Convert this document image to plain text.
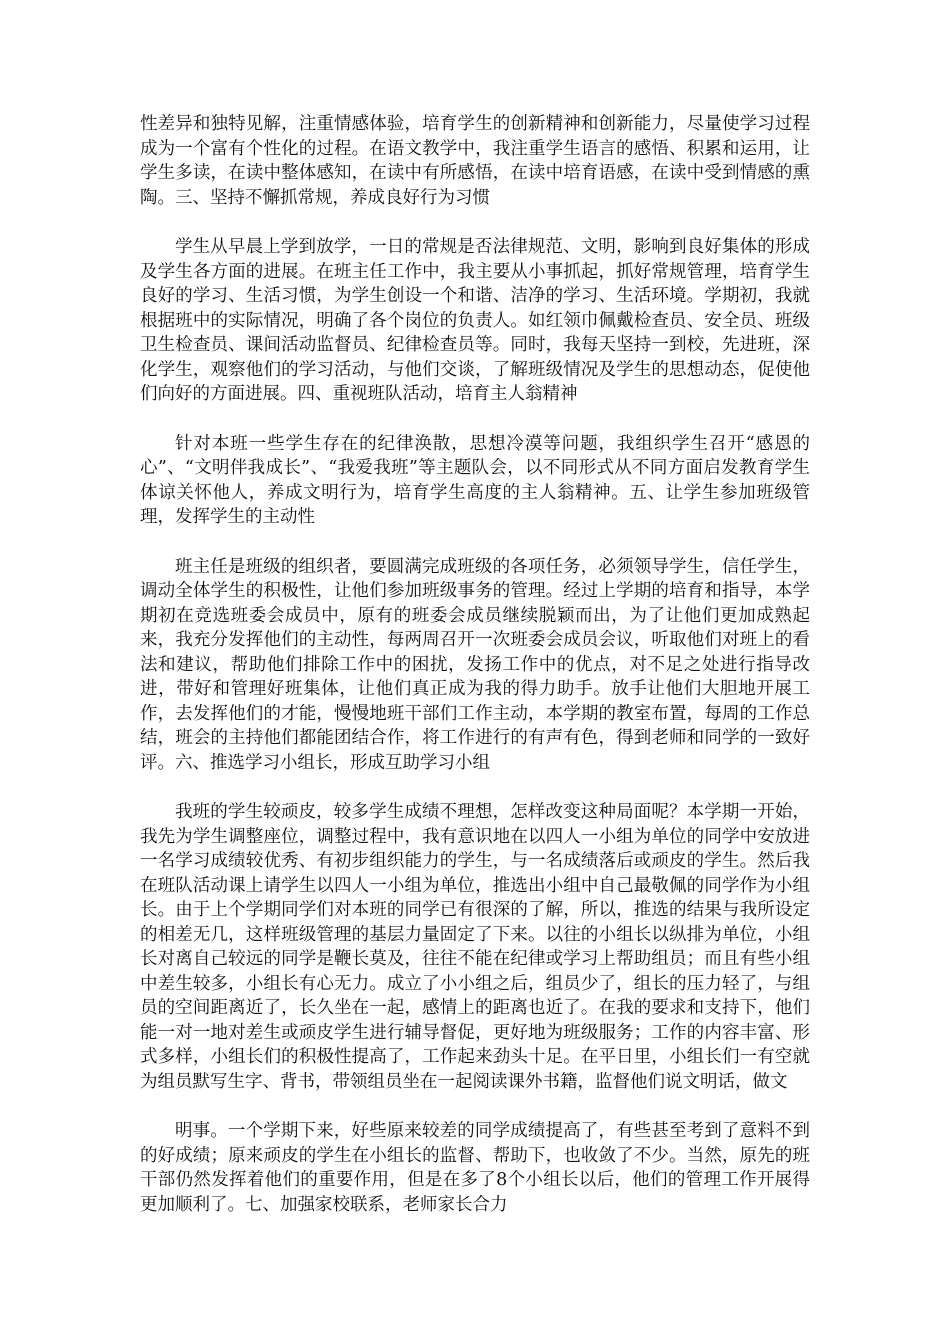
性差异和独特见解，注重情感体验，培育学生的创新精神和创新能力，尽量使学习过程成为一个富有个性化的过程。在语文教学中，我注重学生语言的感悟、积累和运用，让学生多读，在读中整体感知，在读中有所感悟，在读中培育语感，在读中受到情感的熏陶。三、坚持不懈抓常规，养成良好行为习惯

学生从早晨上学到放学，一日的常规是否法律规范、文明，影响到良好集体的形成及学生各方面的进展。在班主任工作中，我主要从小事抓起，抓好常规管理，培育学生良好的学习、生活习惯，为学生创设一个和谐、洁净的学习、生活环境。学期初，我就根据班中的实际情况，明确了各个岗位的负责人。如红领巾佩戴检查员、安全员、班级卫生检查员、课间活动监督员、纪律检查员等。同时，我每天坚持一到校，先进班，深化学生，观察他们的学习活动，与他们交谈，了解班级情况及学生的思想动态，促使他们向好的方面进展。四、重视班队活动，培育主人翁精神

针对本班一些学生存在的纪律涣散，思想冷漠等问题，我组织学生召开“感恩的心”、“文明伴我成长”、“我爱我班”等主题队会，以不同形式从不同方面启发教育学生体谅关怀他人，养成文明行为，培育学生高度的主人翁精神。五、让学生参加班级管理，发挥学生的主动性

班主任是班级的组织者，要圆满完成班级的各项任务，必须领导学生，信任学生，调动全体学生的积极性，让他们参加班级事务的管理。经过上学期的培育和指导，本学期初在竞选班委会成员中，原有的班委会成员继续脱颖而出，为了让他们更加成熟起来，我充分发挥他们的主动性，每两周召开一次班委会成员会议，听取他们对班上的看法和建议，帮助他们排除工作中的困扰，发扬工作中的优点，对不足之处进行指导改进，带好和管理好班集体，让他们真正成为我的得力助手。放手让他们大胆地开展工作，去发挥他们的才能，慢慢地班干部们工作主动，本学期的教室布置，每周的工作总结，班会的主持他们都能团结合作，将工作进行的有声有色，得到老师和同学的一致好评。六、推选学习小组长，形成互助学习小组

我班的学生较顽皮，较多学生成绩不理想，怎样改变这种局面呢？本学期一开始，我先为学生调整座位，调整过程中，我有意识地在以四人一小组为单位的同学中安放进一名学习成绩较优秀、有初步组织能力的学生，与一名成绩落后或顽皮的学生。然后我在班队活动课上请学生以四人一小组为单位，推选出小组中自己最敬佩的同学作为小组长。由于上个学期同学们对本班的同学已有很深的了解，所以，推选的结果与我所设定的相差无几，这样班级管理的基层力量固定了下来。以往的小组长以纵排为单位，小组长对离自己较远的同学是鞭长莫及，往往不能在纪律或学习上帮助组员；而且有些小组中差生较多，小组长有心无力。成立了小小组之后，组员少了，组长的压力轻了，与组员的空间距离近了，长久坐在一起，感情上的距离也近了。在我的要求和支持下，他们能一对一地对差生或顽皮学生进行辅导督促，更好地为班级服务；工作的内容丰富、形式多样，小组长们的积极性提高了，工作起来劲头十足。在平日里，小组长们一有空就为组员默写生字、背书，带领组员坐在一起阅读课外书籍，监督他们说文明话，做文

明事。一个学期下来，好些原来较差的同学成绩提高了，有些甚至考到了意料不到的好成绩；原来顽皮的学生在小组长的监督、帮助下，也收敛了不少。当然，原先的班干部仍然发挥着他们的重要作用，但是在多了8个小组长以后，他们的管理工作开展得更加顺利了。七、加强家校联系，老师家长合力
